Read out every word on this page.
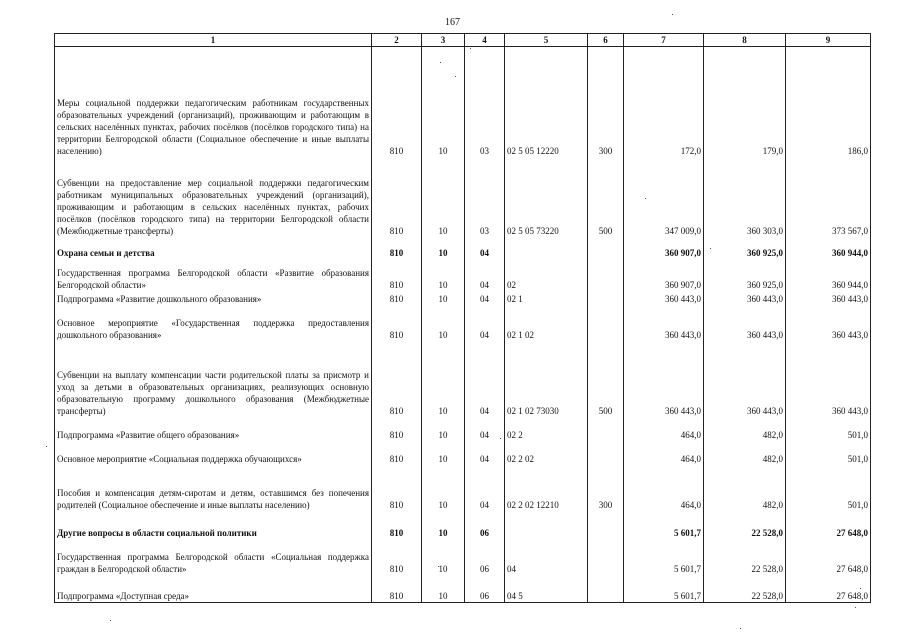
167
1	2	3	4	5	6	7	8	9
Меры социальной поддержки педагогическим работникам государственных образовательных учреждений (организаций), проживающим и работающим в сельских населённых пунктах, рабочих посёлков (посёлков городского типа) на территории Белгородской области (Социальное обеспечение и иные выплаты населению)	810	10	03	02 5 05 12220	300	172,0	179,0	186,0
Субвенции на предоставление мер социальной поддержки педагогическим работникам муниципальных образовательных учреждений (организаций), проживающим и работающим в сельских населённых пунктах, рабочих посёлков (посёлков городского типа) на территории Белгородской области (Межбюджетные трансферты)	810	10	03	02 5 05 73220	500	347 009,0	360 303,0	373 567,0
Охрана семьи и детства	810	10	04			360 907,0	360 925,0	360 944,0
Государственная программа Белгородской области «Развитие образования Белгородской области»	810	10	04	02		360 907,0	360 925,0	360 944,0
Подпрограмма «Развитие дошкольного образования»	810	10	04	02 1		360 443,0	360 443,0	360 443,0
Основное мероприятие «Государственная поддержка предоставления дошкольного образования»	810	10	04	02 1 02		360 443,0	360 443,0	360 443,0
Субвенции на выплату компенсации части родительской платы за присмотр и уход за детьми в образовательных организациях, реализующих основную образовательную программу дошкольного образования (Межбюджетные трансферты)	810	10	04	02 1 02 73030	500	360 443,0	360 443,0	360 443,0
Подпрограмма «Развитие общего образования»	810	10	04	02 2		464,0	482,0	501,0
Основное мероприятие «Социальная поддержка обучающихся»	810	10	04	02 2 02		464,0	482,0	501,0
Пособия и компенсация детям-сиротам и детям, оставшимся без попечения родителей (Социальное обеспечение и иные выплаты населению)	810	10	04	02 2 02 12210	300	464,0	482,0	501,0
Другие вопросы в области социальной политики	810	10	06			5 601,7	22 528,0	27 648,0
Государственная программа Белгородской области «Социальная поддержка граждан в Белгородской области»	810	10	06	04		5 601,7	22 528,0	27 648,0
Подпрограмма «Доступная среда»	810	10	06	04 5		5 601,7	22 528,0	27 648,0
